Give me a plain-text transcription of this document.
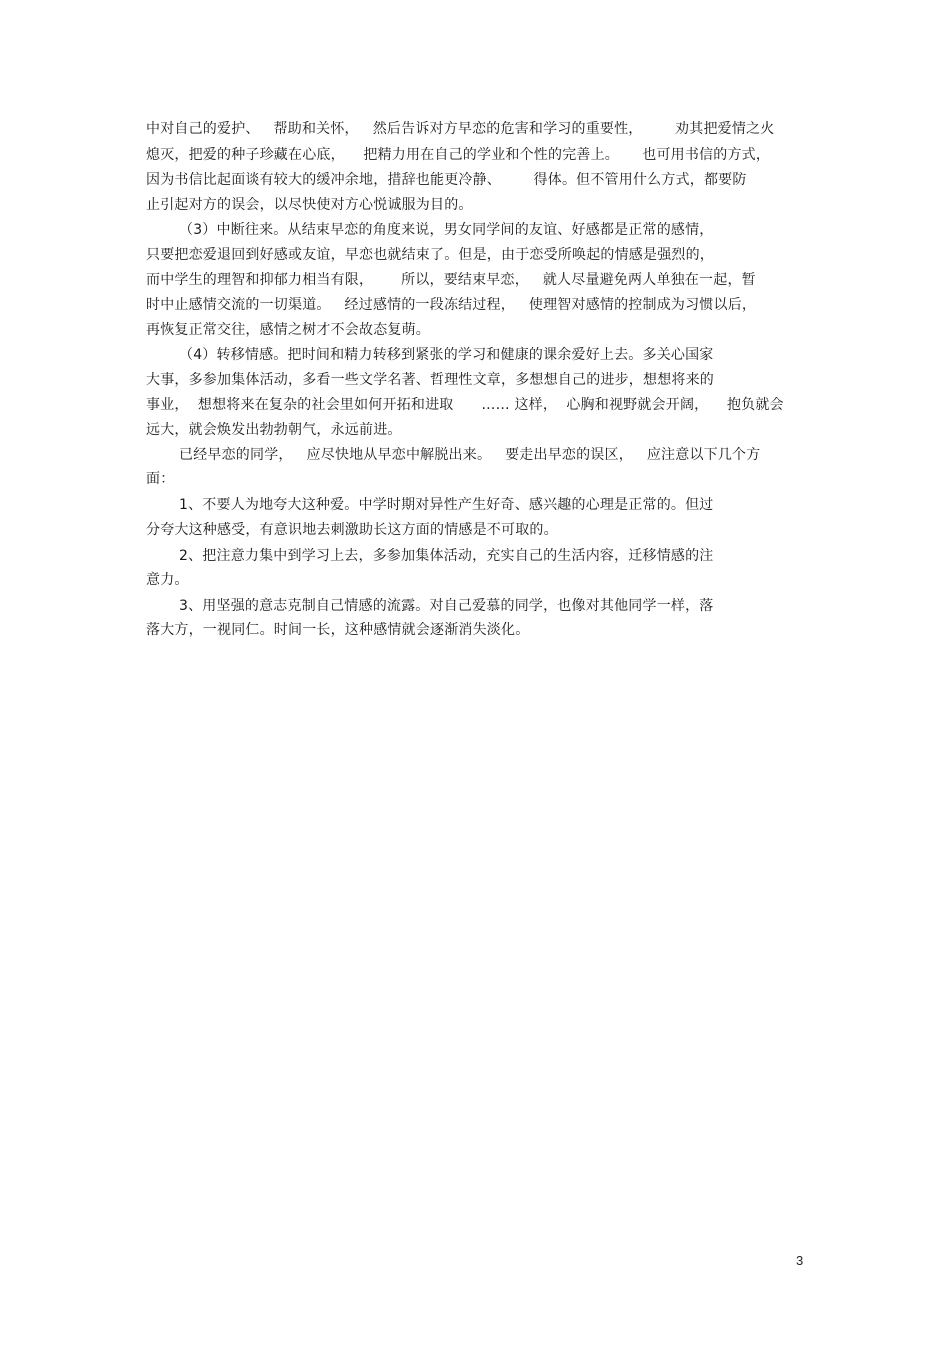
中对自己的爱护、   帮助和关怀，   然后告诉对方早恋的危害和学习的重要性，       劝其把爱情之火
熄灭，把爱的种子珍藏在心底，    把精力用在自己的学业和个性的完善上。     也可用书信的方式，
因为书信比起面谈有较大的缓冲余地，措辞也能更冷静、       得体。但不管用什么方式，都要防
止引起对方的误会，以尽快使对方心悦诚服为目的。
（3）中断往来。从结束早恋的角度来说，男女同学间的友谊、好感都是正常的感情，
只要把恋爱退回到好感或友谊，早恋也就结束了。但是，由于恋受所唤起的情感是强烈的，
而中学生的理智和抑郁力相当有限，      所以，要结束早恋，   就人尽量避免两人单独在一起，暂
时中止感情交流的一切渠道。   经过感情的一段冻结过程，   使理智对感情的控制成为习惯以后，
再恢复正常交往，感情之树才不会故态复萌。
（4）转移情感。把时间和精力转移到紧张的学习和健康的课余爱好上去。多关心国家
大事，多参加集体活动，多看一些文学名著、哲理性文章，多想想自己的进步，想想将来的
事业，  想想将来在复杂的社会里如何开拓和进取      …… 这样，  心胸和视野就会开阔，    抱负就会
远大，就会焕发出勃勃朝气，永远前进。
已经早恋的同学，   应尽快地从早恋中解脱出来。   要走出早恋的误区，   应注意以下几个方
面：
1、不要人为地夸大这种爱。中学时期对异性产生好奇、感兴趣的心理是正常的。但过
分夸大这种感受，有意识地去刺激助长这方面的情感是不可取的。
2、把注意力集中到学习上去，多参加集体活动，充实自己的生活内容，迁移情感的注
意力。
3、用坚强的意志克制自己情感的流露。对自己爱慕的同学，也像对其他同学一样，落
落大方，一视同仁。时间一长，这种感情就会逐渐消失淡化。
3
